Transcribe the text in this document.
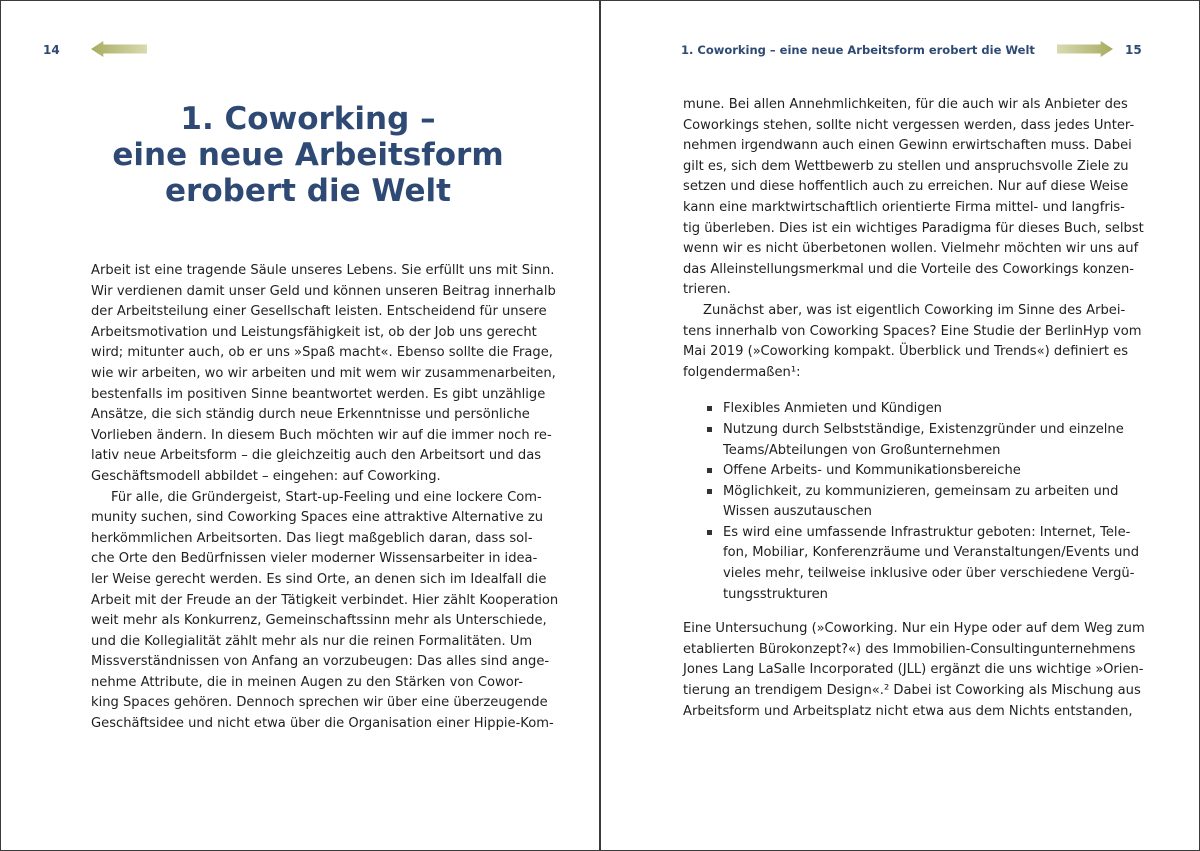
14
1. Coworking –
eine neue Arbeitsform
erobert die Welt

Arbeit ist eine tragende Säule unseres Lebens. Sie erfüllt uns mit Sinn.
Wir verdienen damit unser Geld und können unseren Beitrag innerhalb
der Arbeitsteilung einer Gesellschaft leisten. Entscheidend für unsere
Arbeitsmotivation und Leistungsfähigkeit ist, ob der Job uns gerecht
wird; mitunter auch, ob er uns »Spaß macht«. Ebenso sollte die Frage,
wie wir arbeiten, wo wir arbeiten und mit wem wir zusammenarbeiten,
bestenfalls im positiven Sinne beantwortet werden. Es gibt unzählige
Ansätze, die sich ständig durch neue Erkenntnisse und persönliche
Vorlieben ändern. In diesem Buch möchten wir auf die immer noch re-
lativ neue Arbeitsform – die gleichzeitig auch den Arbeitsort und das
Geschäftsmodell abbildet – eingehen: auf Coworking.

Für alle, die Gründergeist, Start-up-Feeling und eine lockere Com-
munity suchen, sind Coworking Spaces eine attraktive Alternative zu
herkömmlichen Arbeitsorten. Das liegt maßgeblich daran, dass sol-
che Orte den Bedürfnissen vieler moderner Wissensarbeiter in idea-
ler Weise gerecht werden. Es sind Orte, an denen sich im Idealfall die
Arbeit mit der Freude an der Tätigkeit verbindet. Hier zählt Kooperation
weit mehr als Konkurrenz, Gemeinschaftssinn mehr als Unterschiede,
und die Kollegialität zählt mehr als nur die reinen Formalitäten. Um
Missverständnissen von Anfang an vorzubeugen: Das alles sind ange-
nehme Attribute, die in meinen Augen zu den Stärken von Cowor-
king Spaces gehören. Dennoch sprechen wir über eine überzeugende
Geschäftsidee und nicht etwa über die Organisation einer Hippie-Kom-

1. Coworking – eine neue Arbeitsform erobert die Welt	15

mune. Bei allen Annehmlichkeiten, für die auch wir als Anbieter des
Coworkings stehen, sollte nicht vergessen werden, dass jedes Unter-
nehmen irgendwann auch einen Gewinn erwirtschaften muss. Dabei
gilt es, sich dem Wettbewerb zu stellen und anspruchsvolle Ziele zu
setzen und diese hoffentlich auch zu erreichen. Nur auf diese Weise
kann eine marktwirtschaftlich orientierte Firma mittel- und langfris-
tig überleben. Dies ist ein wichtiges Paradigma für dieses Buch, selbst
wenn wir es nicht überbetonen wollen. Vielmehr möchten wir uns auf
das Alleinstellungsmerkmal und die Vorteile des Coworkings konzen-
trieren.

Zunächst aber, was ist eigentlich Coworking im Sinne des Arbei-
tens innerhalb von Coworking Spaces? Eine Studie der BerlinHyp vom
Mai 2019 (»Coworking kompakt. Überblick und Trends«) definiert es
folgendermaßen¹:

Flexibles Anmieten und Kündigen
Nutzung durch Selbstständige, Existenzgründer und einzelne
Teams/Abteilungen von Großunternehmen
Offene Arbeits- und Kommunikationsbereiche
Möglichkeit, zu kommunizieren, gemeinsam zu arbeiten und
Wissen auszutauschen
Es wird eine umfassende Infrastruktur geboten: Internet, Tele-
fon, Mobiliar, Konferenzräume und Veranstaltungen/Events und
vieles mehr, teilweise inklusive oder über verschiedene Vergü-
tungsstrukturen

Eine Untersuchung (»Coworking. Nur ein Hype oder auf dem Weg zum
etablierten Bürokonzept?«) des Immobilien-Consultingunternehmens
Jones Lang LaSalle Incorporated (JLL) ergänzt die uns wichtige »Orien-
tierung an trendigem Design«.² Dabei ist Coworking als Mischung aus
Arbeitsform und Arbeitsplatz nicht etwa aus dem Nichts entstanden,
